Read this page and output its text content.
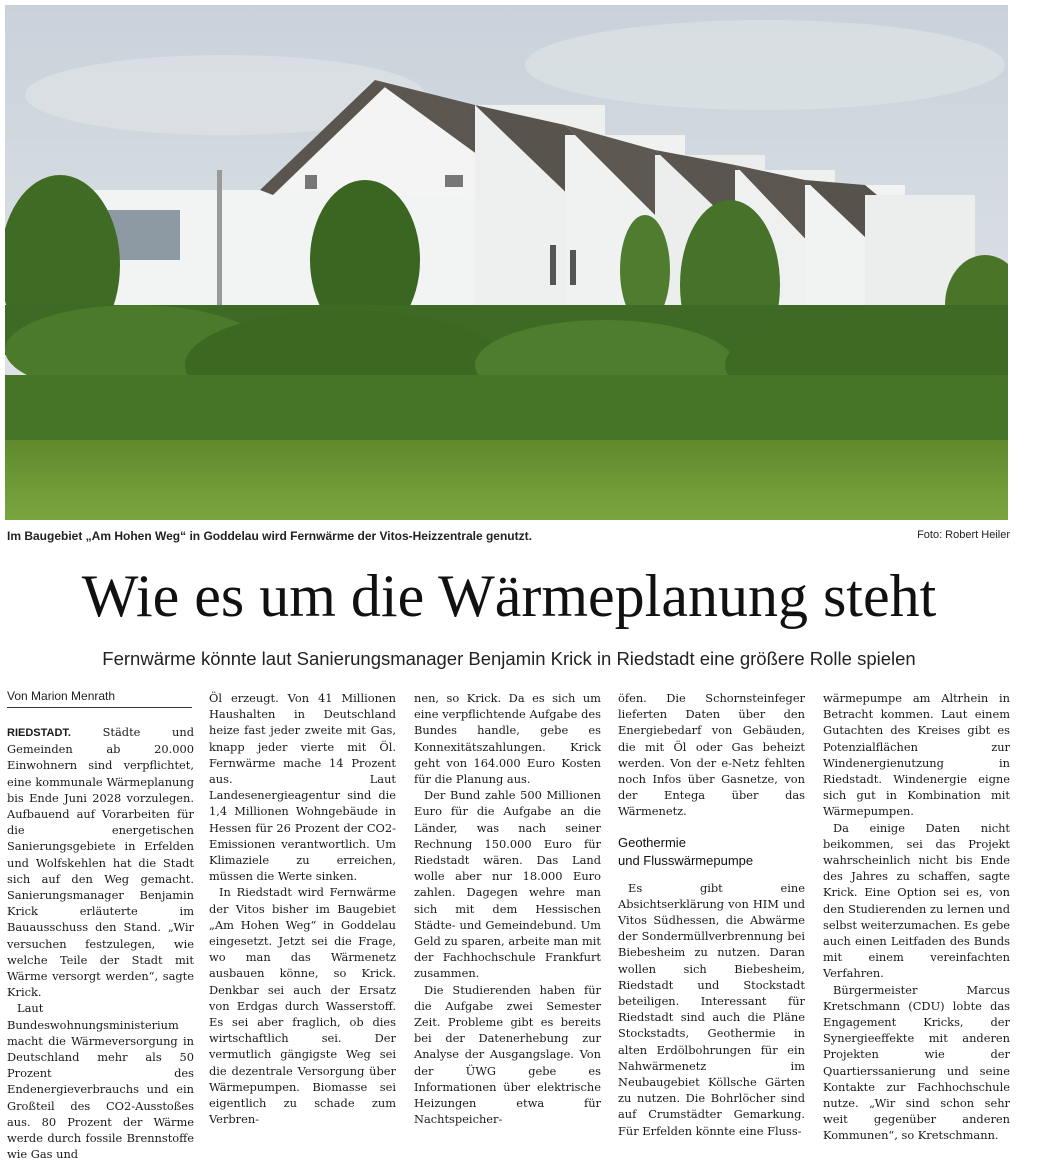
Im Baugebiet „Am Hohen Weg“ in Goddelau wird Fernwärme der Vitos-Heizzentrale genutzt.	Foto: Robert Heiler
Wie es um die Wärmeplanung steht
Fernwärme könnte laut Sanierungsmanager Benjamin Krick in Riedstadt eine größere Rolle spielen
Von Marion Menrath

RIEDSTADT.	Städte und Gemeinden ab 20.000 Einwohnern sind verpflichtet, eine kommunale Wärmeplanung bis Ende Juni 2028 vorzulegen. Aufbauend auf Vorarbeiten für die energetischen Sanierungsgebiete in Erfelden und Wolfskehlen hat die Stadt sich auf den Weg gemacht. Sanierungsmanager Benjamin Krick erläuterte im Bauausschuss den Stand. „Wir versuchen festzulegen, wie welche Teile der Stadt mit Wärme versorgt werden“, sagte Krick.

Laut Bundeswohnungsministerium macht die Wärmeversorgung in Deutschland mehr als 50 Prozent des Endenergieverbrauchs und ein Großteil des CO2-Ausstoßes aus. 80 Prozent der Wärme werde durch fossile Brennstoffe wie Gas und

Öl erzeugt. Von 41 Millionen Haushalten in Deutschland heize fast jeder zweite mit Gas, knapp jeder vierte mit Öl. Fernwärme mache 14 Prozent aus. Laut Landesenergieagentur sind die 1,4 Millionen Wohngebäude in Hessen für 26 Prozent der CO2-Emissionen verantwortlich. Um Klimaziele zu erreichen, müssen die Werte sinken.

In Riedstadt wird Fernwärme der Vitos bisher im Baugebiet „Am Hohen Weg“ in Goddelau eingesetzt. Jetzt sei die Frage, wo man das Wärmenetz ausbauen könne, so Krick. Denkbar sei auch der Ersatz von Erdgas durch Wasserstoff. Es sei aber fraglich, ob dies wirtschaftlich sei. Der vermutlich gängigste Weg sei die dezentrale Versorgung über Wärmepumpen. Biomasse sei eigentlich zu schade zum Verbren-

nen, so Krick. Da es sich um eine verpflichtende Aufgabe des Bundes handle, gebe es Konnexitätszahlungen. Krick geht von 164.000 Euro Kosten für die Planung aus.

Der Bund zahle 500 Millionen Euro für die Aufgabe an die Länder, was nach seiner Rechnung 150.000 Euro für Riedstadt wären. Das Land wolle aber nur 18.000 Euro zahlen. Dagegen wehre man sich mit dem Hessischen Städte- und Gemeindebund. Um Geld zu sparen, arbeite man mit der Fachhochschule Frankfurt zusammen.

Die Studierenden haben für die Aufgabe zwei Semester Zeit. Probleme gibt es bereits bei der Datenerhebung zur Analyse der Ausgangslage. Von der ÜWG gebe es Informationen über elektrische Heizungen etwa für Nachtspeicher-

öfen. Die Schornsteinfeger lieferten Daten über den Energiebedarf von Gebäuden, die mit Öl oder Gas beheizt werden. Von der e-Netz fehlten noch Infos über Gasnetze, von der Entega über das Wärmenetz.

Geothermie
und Flusswärmepumpe

Es gibt eine Absichtserklärung von HIM und Vitos Südhessen, die Abwärme der Sondermüllverbrennung bei Biebesheim zu nutzen. Daran wollen sich Biebesheim, Riedstadt und Stockstadt beteiligen. Interessant für Riedstadt sind auch die Pläne Stockstadts, Geothermie in alten Erdölbohrungen für ein Nahwärmenetz im Neubaugebiet Köllsche Gärten zu nutzen. Die Bohrlöcher sind auf Crumstädter Gemarkung. Für Erfelden könnte eine Fluss-

wärmepumpe am Altrhein in Betracht kommen. Laut einem Gutachten des Kreises gibt es Potenzialflächen zur Windenergienutzung in Riedstadt. Windenergie eigne sich gut in Kombination mit Wärmepumpen.

Da einige Daten nicht beikommen, sei das Projekt wahrscheinlich nicht bis Ende des Jahres zu schaffen, sagte Krick. Eine Option sei es, von den Studierenden zu lernen und selbst weiterzumachen. Es gebe auch einen Leitfaden des Bunds mit einem vereinfachten Verfahren.

Bürgermeister Marcus Kretschmann (CDU) lobte das Engagement Kricks, der Synergieeffekte mit anderen Projekten wie der Quartierssanierung und seine Kontakte zur Fachhochschule nutze. „Wir sind schon sehr weit gegenüber anderen Kommunen“, so Kretschmann.
